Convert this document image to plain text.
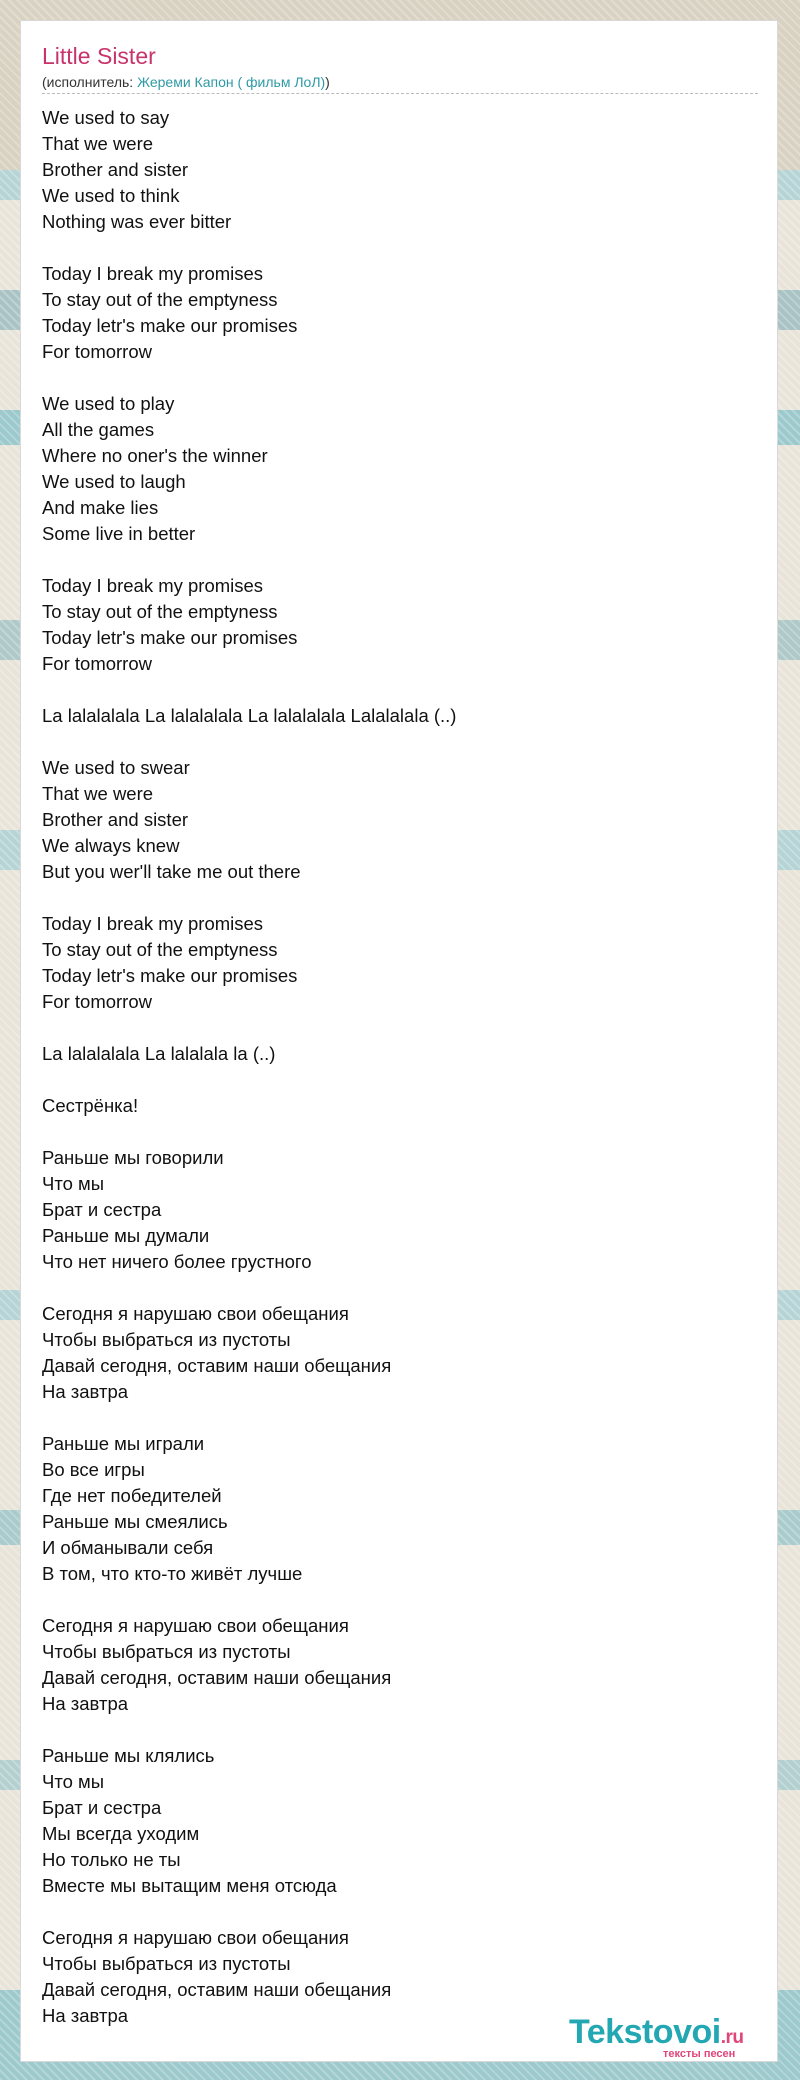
Little Sister
(исполнитель: Жереми Капон ( фильм ЛоЛ))
We used to say
That we were
Brother and sister
We used to think
Nothing was ever bitter
Today I break my promises
To stay out of the emptyness
Today letr's make our promises
For tomorrow
We used to play
All the games
Where no oner's the winner
We used to laugh
And make lies
Some live in better
Today I break my promises
To stay out of the emptyness
Today letr's make our promises
For tomorrow
La lalalalala La lalalalala La lalalalala Lalalalala (..)
We used to swear
That we were
Brother and sister
We always knew
But you wer'll take me out there
Today I break my promises
To stay out of the emptyness
Today letr's make our promises
For tomorrow
La lalalalala La lalalala la (..)
Сестрёнка!
Раньше мы говорили
Что мы
Брат и сестра
Раньше мы думали
Что нет ничего более грустного
Сегодня я нарушаю свои обещания
Чтобы выбраться из пустоты
Давай сегодня, оставим наши обещания
На завтра
Раньше мы играли
Во все игры
Где нет победителей
Раньше мы смеялись
И обманывали себя
В том, что кто-то живёт лучше
Сегодня я нарушаю свои обещания
Чтобы выбраться из пустоты
Давай сегодня, оставим наши обещания
На завтра
Раньше мы клялись
Что мы
Брат и сестра
Мы всегда уходим
Но только не ты
Вместе мы вытащим меня отсюда
Сегодня я нарушаю свои обещания
Чтобы выбраться из пустоты
Давай сегодня, оставим наши обещания
На завтра	Tekstovoi.ru
тексты песен
